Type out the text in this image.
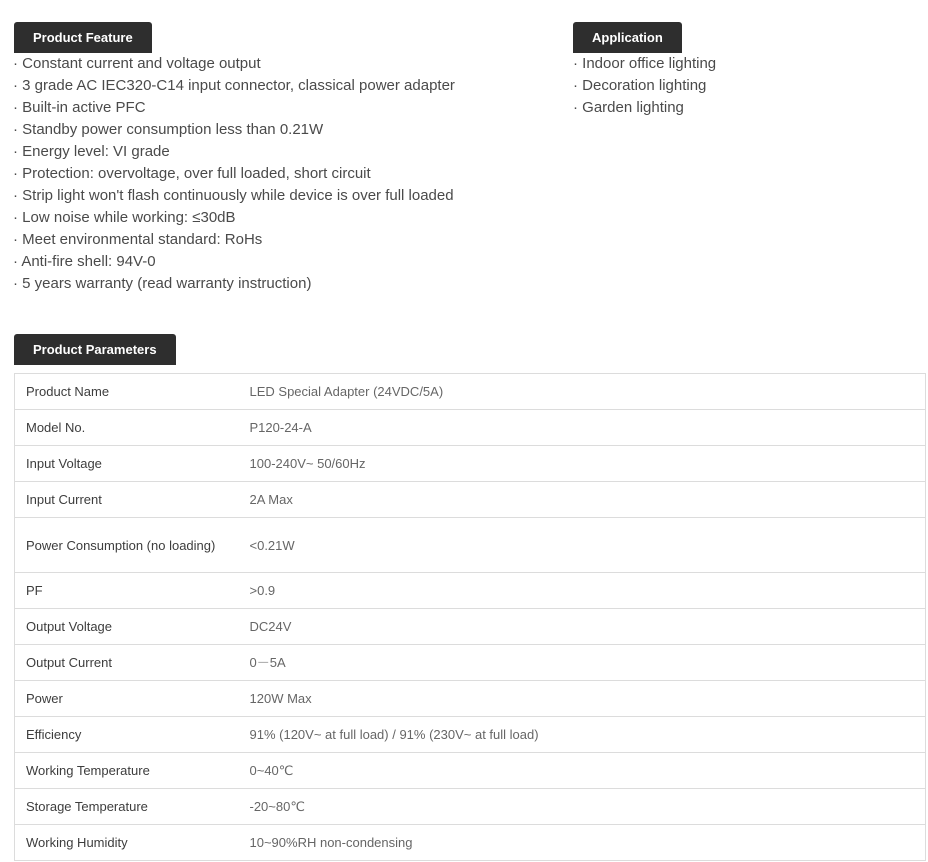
Product Feature
· Constant current and voltage output
· 3 grade AC IEC320-C14 input connector, classical power adapter
· Built-in active PFC
· Standby power consumption less than 0.21W
· Energy level: VI grade
· Protection: overvoltage, over full loaded, short circuit
· Strip light won't flash continuously while device is over full loaded
· Low noise while working: ≤30dB
· Meet environmental standard: RoHs
· Anti-fire shell: 94V-0
· 5 years warranty (read warranty instruction)
Application
· Indoor office lighting
· Decoration lighting
· Garden lighting
Product Parameters
Product Name	LED Special Adapter (24VDC/5A)
Model No.	P120-24-A
Input Voltage	100-240V~ 50/60Hz
Input Current	2A Max
Power Consumption (no loading)	<0.21W
PF	>0.9
Output Voltage	DC24V
Output Current	0－5A
Power	120W Max
Efficiency	91% (120V~ at full load) / 91% (230V~ at full load)
Working Temperature	0~40℃
Storage Temperature	-20~80℃
Working Humidity	10~90%RH non-condensing
